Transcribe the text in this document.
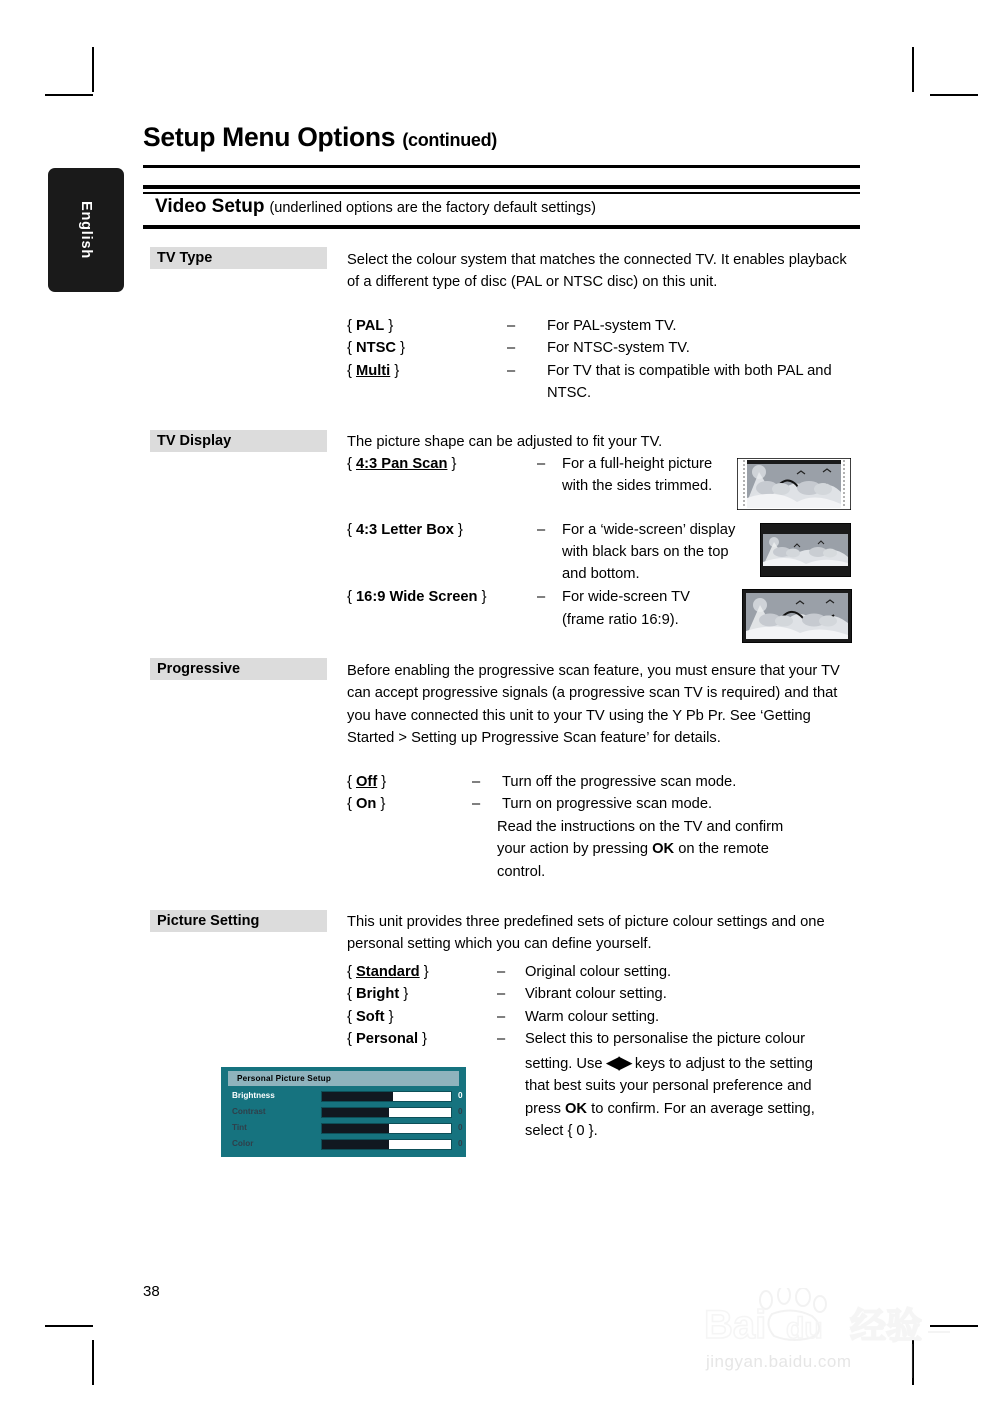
English
Setup Menu Options (continued)
Video Setup (underlined options are the factory default settings)
TV Type	Select the colour system that matches the connected TV. It enables playback of a different type of disc (PAL or NTSC disc) on this unit.
{ PAL }	–	For PAL-system TV.
{ NTSC }	–	For NTSC-system TV.
{ Multi }	–	For TV that is compatible with both PAL and NTSC.
TV Display	The picture shape can be adjusted to fit your TV.
{ 4:3 Pan Scan }	–	For a full-height picture with the sides trimmed.
{ 4:3 Letter Box }	–	For a ‘wide-screen’ display with black bars on the top and bottom.
{ 16:9 Wide Screen }	–	For wide-screen TV (frame ratio 16:9).
Progressive	Before enabling the progressive scan feature, you must ensure that your TV can accept progressive signals (a progressive scan TV is required) and that you have connected this unit to your TV using the Y Pb Pr. See ‘Getting Started > Setting up Progressive Scan feature’ for details.
{ Off }	–	Turn off the progressive scan mode.
{ On }	–	Turn on progressive scan mode.
Read the instructions on the TV and confirm
your action by pressing OK on the remote
control.
Picture Setting	This unit provides three predefined sets of picture colour settings and one personal setting which you can define yourself.
{ Standard }	–	Original colour setting.
{ Bright }	–	Vibrant colour setting.
{ Soft }	–	Warm colour setting.
{ Personal }	–	Select this to personalise the picture colour
setting. Use ◀▶ keys to adjust to the setting
that best suits your personal preference and
press OK to confirm. For an average setting,
select { 0 }.
Personal Picture Setup
Brightness	0
Contrast	0
Tint	0
Color	0
38
Bai du 经验
jingyan.baidu.com
